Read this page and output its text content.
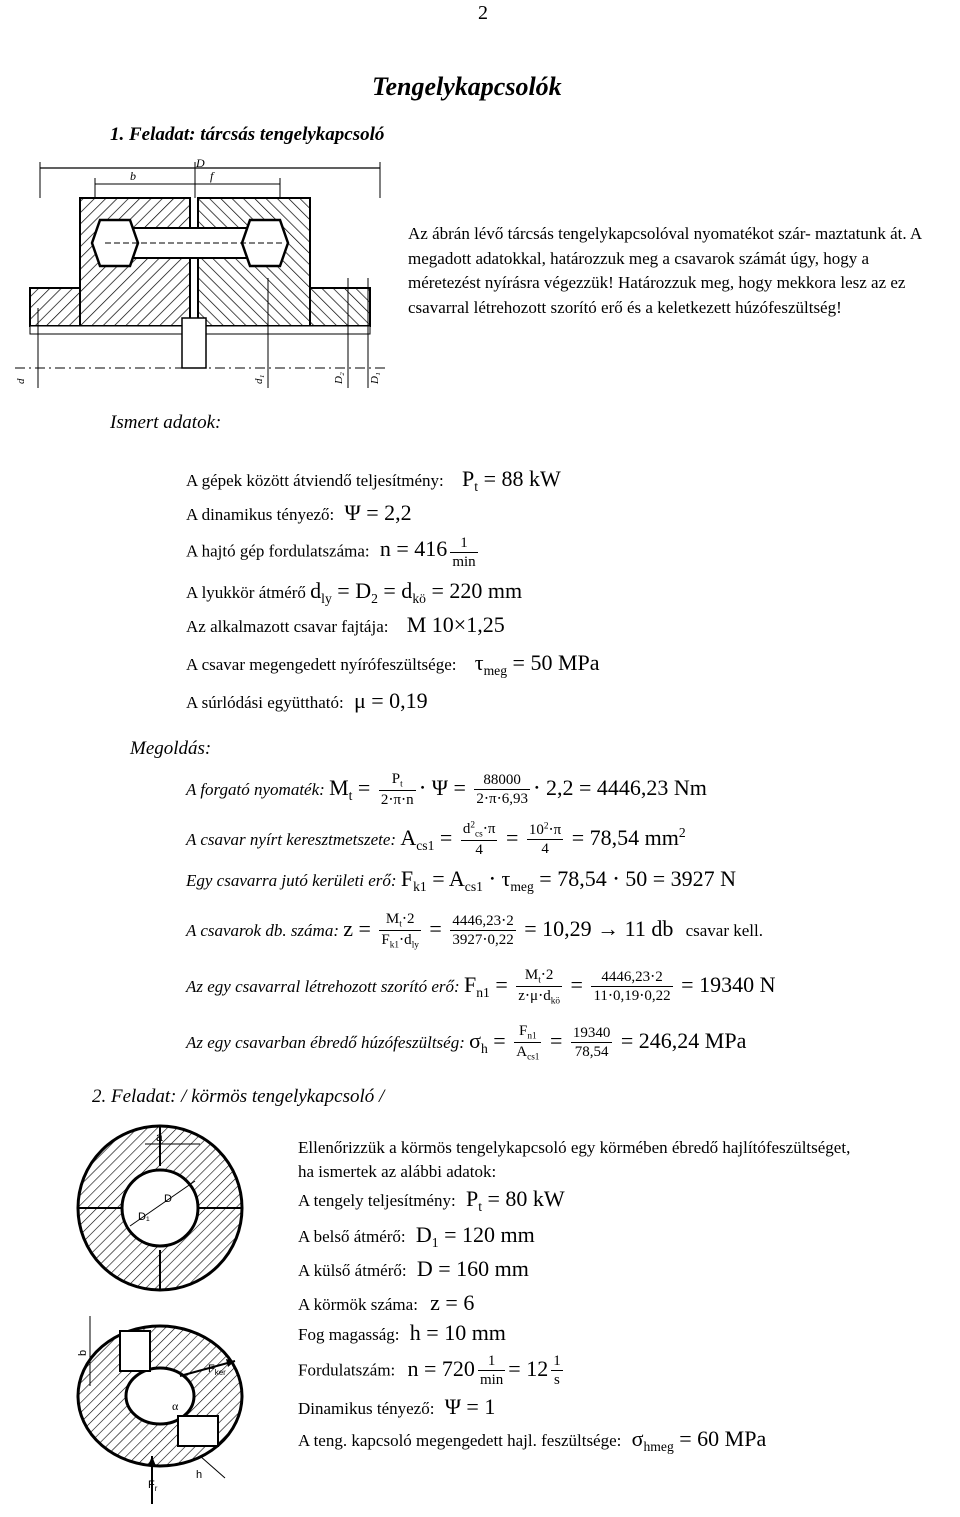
2
Tengelykapcsolók
1. Feladat: tárcsás tengelykapcsoló
D
b	f
d	d₁	D₂ D₁
Az ábrán lévő tárcsás tengelykapcsolóval nyomatékot szár- maztatunk át. A megadott adatokkal, határozzuk meg a csavarok számát úgy, hogy a méretezést nyírásra végezzük! Határozzuk meg, hogy mekkora lesz az ez csavarral létrehozott szorító erő és a keletkezett húzófeszültség!
Ismert adatok:
A gépek között átviendő teljesítmény: $P_t = 88$ kW
A dinamikus tényező: Ψ = 2,2
A hajtó gép fordulatszáma: $n = 416 \frac{1}{\min}$
A lyukkör átmérő $d_{ly} = D_2 = d_{kö} = 220$ mm
Az alkalmazott csavar fajtája: M 10×1,25
A csavar megengedett nyírófeszültsége: $\tau_{meg} = 50$ MPa
A súrlódási együttható: μ = 0,19
Megoldás:
A forgató nyomaték: $M_t = \frac{P_t}{2\cdot\pi\cdot n} \cdot \Psi = \frac{88000}{2\cdot\pi\cdot 6,93} \cdot 2,2 = 4446,23$ Nm
A csavar nyírt keresztmetszete: $A_{cs1} = \frac{d^2_{cs}\cdot\pi}{4} = \frac{10^2\cdot\pi}{4} = 78,54$ $mm^2$
Egy csavarra jutó kerületi erő: $F_{k1} = A_{cs1} \cdot \tau_{meg} = 78,54 \cdot 50 = 3927$ N
A csavarok db. száma: $z = \frac{M_t\cdot 2}{F_{k1}\cdot d_{ly}} = \frac{4446,23\cdot 2}{3927\cdot 0,22} = 10,29 \to 11$ db csavar kell.
Az egy csavarral létrehozott szorító erő: $F_{n1} = \frac{M_t\cdot 2}{z\cdot\mu\cdot d_{kö}} = \frac{4446,23\cdot 2}{11\cdot 0,19\cdot 0,22} = 19340$ N
Az egy csavarban ébredő húzófeszültség: $\sigma_h = \frac{F_{n1}}{A_{cs1}} = \frac{19340}{78,54} = 246,24$ MPa
2. Feladat: / körmös tengelykapcsoló /
a
D₁
D
b
$F_{ker}$
α
$F_r$
h
Ellenőrizzük a körmös tengelykapcsoló egy körmében ébredő hajlítófeszültséget, ha ismertek az alábbi adatok:
A tengely teljesítmény: $P_t = 80$ kW
A belső átmérő: $D_1 = 120$ mm
A külső átmérő: D = 160 mm
A körmök száma: z = 6
Fog magasság: h = 10 mm
Fordulatszám: $n = 720 \frac{1}{\min} = 12 \frac{1}{s}$
Dinamikus tényező: Ψ = 1
A teng. kapcsoló megengedett hajl. feszültsége: $\sigma_{hmeg} = 60$ MPa
